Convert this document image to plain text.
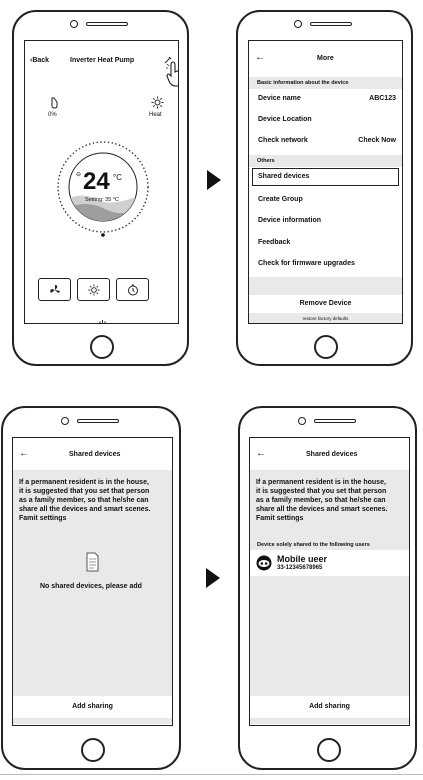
‹Back	Inverter Heat Pump
0%	Heat
⊖ 24 °C
Setting: 35 °C
←	More
Basic information about the device
Device name	ABC123
Device Location
Check network	Check Now
Others
Shared devices
Create Group
Device information
Feedback
Check for firmware upgrades
Remove Device
restore factory defaults
←	Shared devices
If a permanent resident is in the house,
it is suggested that you set that person
as a family member, so that he/she can
share all the devices and smart scenes.
Famit settings
No shared devices, please add
Add sharing
←	Shared devices
If a permanent resident is in the house,
it is suggested that you set that person
as a family member, so that he/she can
share all the devices and smart scenes.
Famit settings
Device solely shared to the following users
Mobile ueer
33-12345678965
Add sharing
